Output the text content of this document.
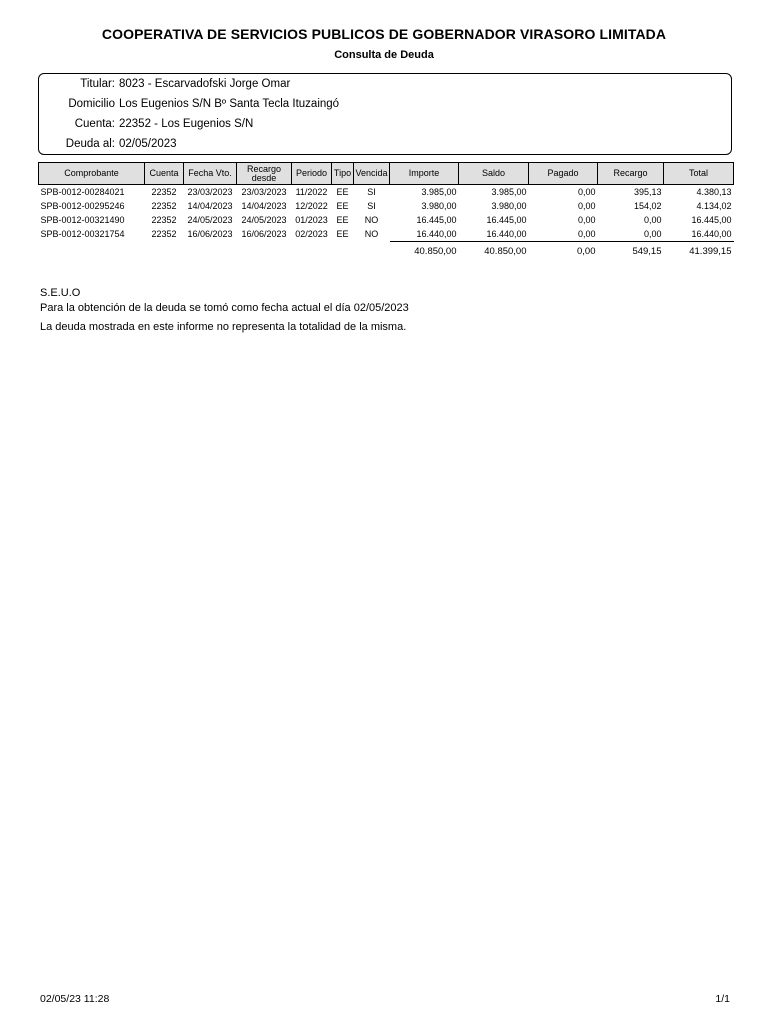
COOPERATIVA DE SERVICIOS PUBLICOS DE GOBERNADOR VIRASORO LIMITADA
Consulta de Deuda
Titular: 8023 - Escarvadofski Jorge Omar
Domicilio Los Eugenios S/N Bº Santa Tecla Ituzaingó
Cuenta: 22352 - Los Eugenios S/N
Deuda al: 02/05/2023
Comprobante	Cuenta	Fecha Vto.	Recargo desde	Periodo	Tipo	Vencida	Importe	Saldo	Pagado	Recargo	Total
SPB-0012-00284021	22352	23/03/2023	23/03/2023	11/2022	EE	SI	3.985,00	3.985,00	0,00	395,13	4.380,13
SPB-0012-00295246	22352	14/04/2023	14/04/2023	12/2022	EE	SI	3.980,00	3.980,00	0,00	154,02	4.134,02
SPB-0012-00321490	22352	24/05/2023	24/05/2023	01/2023	EE	NO	16.445,00	16.445,00	0,00	0,00	16.445,00
SPB-0012-00321754	22352	16/06/2023	16/06/2023	02/2023	EE	NO	16.440,00	16.440,00	0,00	0,00	16.440,00
							40.850,00	40.850,00	0,00	549,15	41.399,15
S.E.U.O
Para la obtención de la deuda se tomó como fecha actual el día 02/05/2023
La deuda mostrada en este informe no representa la totalidad de la misma.
02/05/23 11:28	1/1
